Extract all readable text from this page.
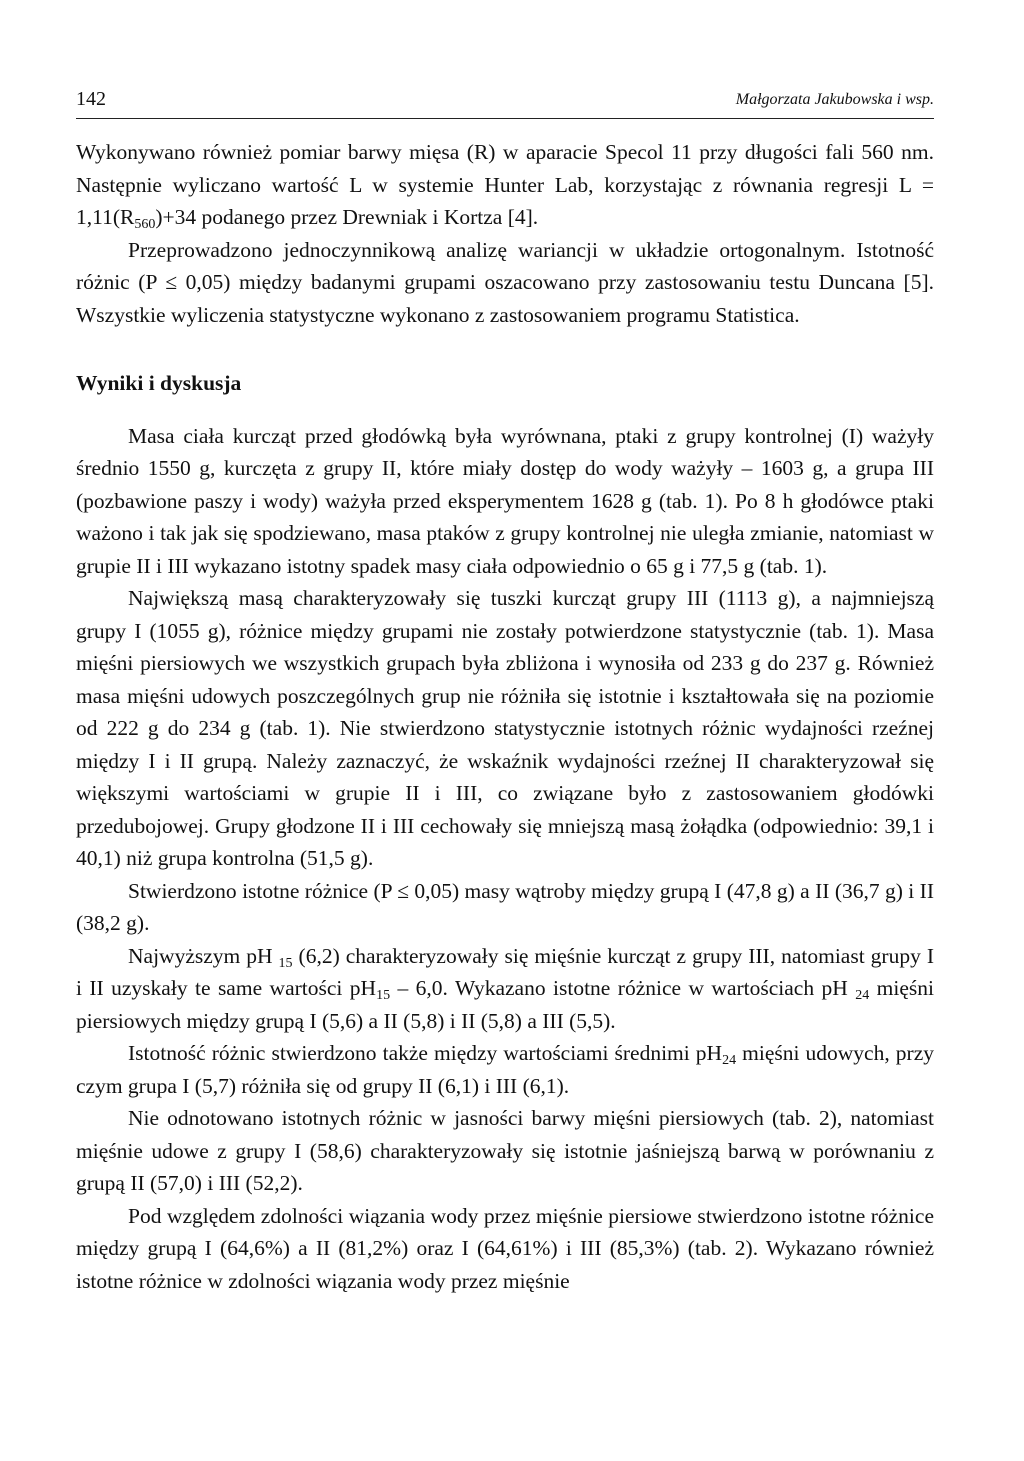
142	Małgorzata Jakubowska i wsp.

Wykonywano również pomiar barwy mięsa (R) w aparacie Specol 11 przy długości fali 560 nm. Następnie wyliczano wartość L w systemie Hunter Lab, korzystając z równania regresji $L = 1,11(R_{560})+34$ podanego przez Drewniak i Kortza [4].

Przeprowadzono jednoczynnikową analizę wariancji w układzie ortogonalnym. Istotność różnic (P ≤ 0,05) między badanymi grupami oszacowano przy zastosowaniu testu Duncana [5]. Wszystkie wyliczenia statystyczne wykonano z zastosowaniem programu Statistica.

Wyniki i dyskusja

Masa ciała kurcząt przed głodówką była wyrównana, ptaki z grupy kontrolnej (I) ważyły średnio 1550 g, kurczęta z grupy II, które miały dostęp do wody ważyły – 1603 g, a grupa III (pozbawione paszy i wody) ważyła przed eksperymentem 1628 g (tab. 1). Po 8 h głodówce ptaki ważono i tak jak się spodziewano, masa ptaków z grupy kontrolnej nie uległa zmianie, natomiast w grupie II i III wykazano istotny spadek masy ciała odpowiednio o 65 g i 77,5 g (tab. 1).

Największą masą charakteryzowały się tuszki kurcząt grupy III (1113 g), a najmniejszą grupy I (1055 g), różnice między grupami nie zostały potwierdzone statystycznie (tab. 1). Masa mięśni piersiowych we wszystkich grupach była zbliżona i wynosiła od 233 g do 237 g. Również masa mięśni udowych poszczególnych grup nie różniła się istotnie i kształtowała się na poziomie od 222 g do 234 g (tab. 1). Nie stwierdzono statystycznie istotnych różnic wydajności rzeźnej między I i II grupą. Należy zaznaczyć, że wskaźnik wydajności rzeźnej II charakteryzował się większymi wartościami w grupie II i III, co związane było z zastosowaniem głodówki przedubojowej. Grupy głodzone II i III cechowały się mniejszą masą żołądka (odpowiednio: 39,1 i 40,1) niż grupa kontrolna (51,5 g).

Stwierdzono istotne różnice (P ≤ 0,05) masy wątroby między grupą I (47,8 g) a II (36,7 g) i II (38,2 g).

Najwyższym pH $_{15}$ (6,2) charakteryzowały się mięśnie kurcząt z grupy III, natomiast grupy I i II uzyskały te same wartości $pH_{15} - 6,0$. Wykazano istotne różnice w wartościach pH $_{24}$ mięśni piersiowych między grupą I (5,6) a II (5,8) i II (5,8) a III (5,5).

Istotność różnic stwierdzono także między wartościami średnimi $pH_{24}$ mięśni udowych, przy czym grupa I (5,7) różniła się od grupy II (6,1) i III (6,1).

Nie odnotowano istotnych różnic w jasności barwy mięśni piersiowych (tab. 2), natomiast mięśnie udowe z grupy I (58,6) charakteryzowały się istotnie jaśniejszą barwą w porównaniu z grupą II (57,0) i III (52,2).

Pod względem zdolności wiązania wody przez mięśnie piersiowe stwierdzono istotne różnice między grupą I (64,6%) a II (81,2%) oraz I (64,61%) i III (85,3%) (tab. 2). Wykazano również istotne różnice w zdolności wiązania wody przez mięśnie
